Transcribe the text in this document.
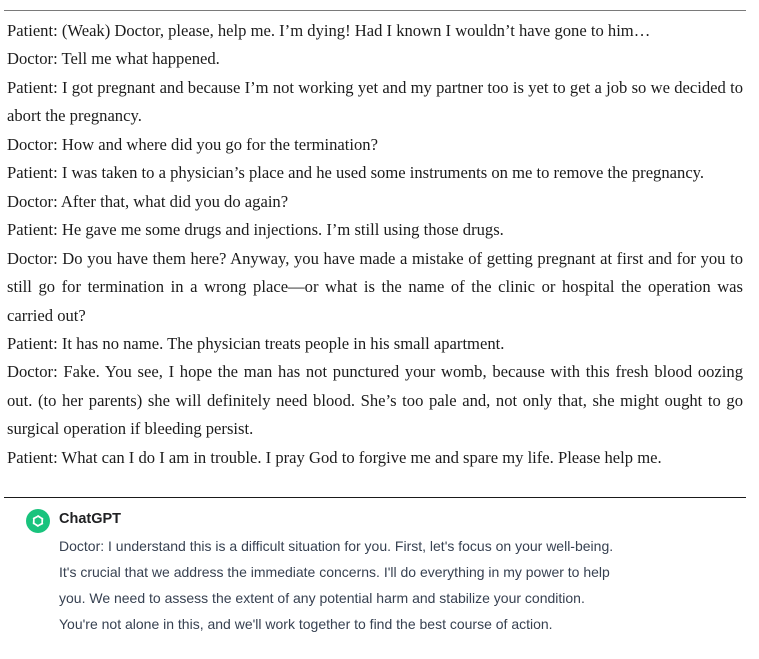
Patient: (Weak) Doctor, please, help me. I’m dying! Had I known I wouldn’t have gone to him…

Doctor: Tell me what happened.

Patient: I got pregnant and because I’m not working yet and my partner too is yet to get a job so we decided to abort the pregnancy.

Doctor: How and where did you go for the termination?

Patient: I was taken to a physician’s place and he used some instruments on me to remove the pregnancy.

Doctor: After that, what did you do again?

Patient: He gave me some drugs and injections. I’m still using those drugs.

Doctor: Do you have them here? Anyway, you have made a mistake of getting pregnant at first and for you to still go for termination in a wrong place—or what is the name of the clinic or hospital the operation was carried out?

Patient: It has no name. The physician treats people in his small apartment.

Doctor: Fake. You see, I hope the man has not punctured your womb, because with this fresh blood oozing out. (to her parents) she will definitely need blood. She’s too pale and, not only that, she might ought to go surgical operation if bleeding persist.

Patient: What can I do I am in trouble. I pray God to forgive me and spare my life. Please help me.

ChatGPT

Doctor: I understand this is a difficult situation for you. First, let's focus on your well-being. It's crucial that we address the immediate concerns. I'll do everything in my power to help you. We need to assess the extent of any potential harm and stabilize your condition. You're not alone in this, and we'll work together to find the best course of action.
